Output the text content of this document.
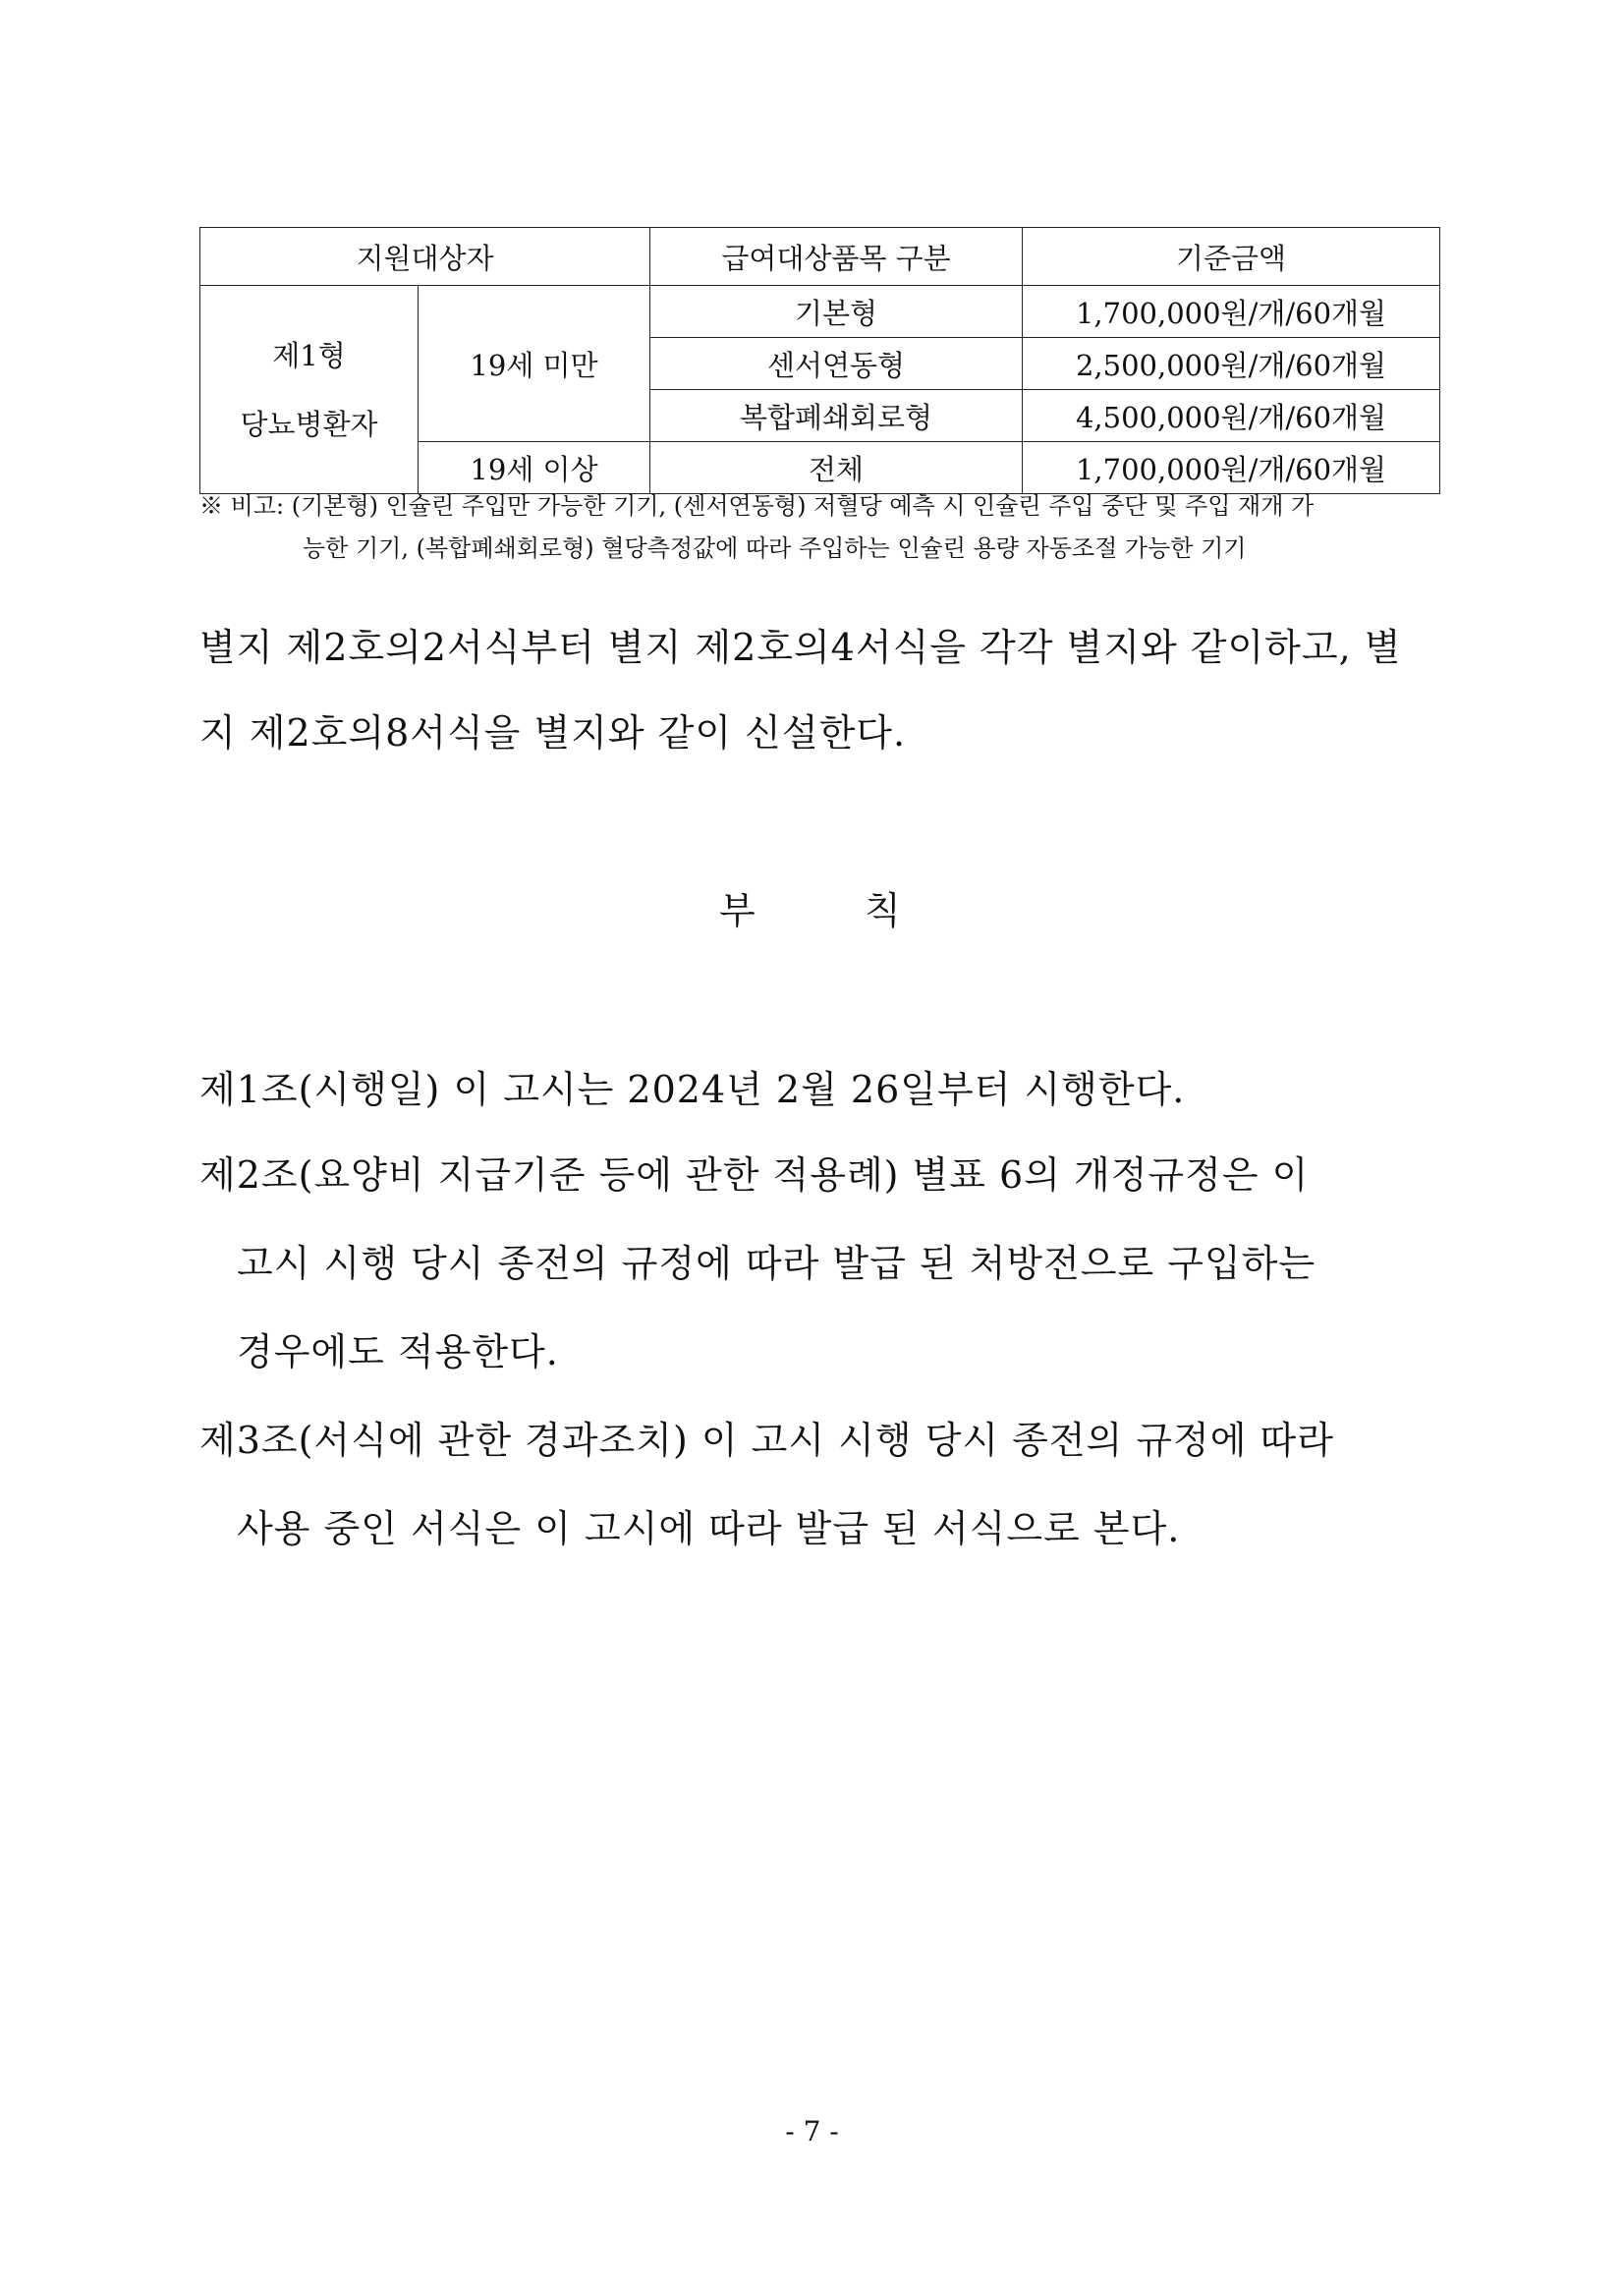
지원대상자		급여대상품목 구분	기준금액

제1형
당뇨병환자	19세 미만	기본형	1,700,000원/개/60개월
		센서연동형	2,500,000원/개/60개월
		복합폐쇄회로형	4,500,000원/개/60개월
	19세 이상	전체	1,700,000원/개/60개월
※ 비고: (기본형) 인슐린 주입만 가능한 기기, (센서연동형) 저혈당 예측 시 인슐린 주입 중단 및 주입 재개 가
능한 기기, (복합폐쇄회로형) 혈당측정값에 따라 주입하는 인슐린 용량 자동조절 가능한 기기
별지 제2호의2서식부터 별지 제2호의4서식을 각각 별지와 같이하고, 별
지 제2호의8서식을 별지와 같이 신설한다.
부	칙
제1조(시행일) 이 고시는 2024년 2월 26일부터 시행한다.
제2조(요양비 지급기준 등에 관한 적용례) 별표 6의 개정규정은 이
고시 시행 당시 종전의 규정에 따라 발급 된 처방전으로 구입하는
경우에도 적용한다.
제3조(서식에 관한 경과조치) 이 고시 시행 당시 종전의 규정에 따라
사용 중인 서식은 이 고시에 따라 발급 된 서식으로 본다.
- 7 -
